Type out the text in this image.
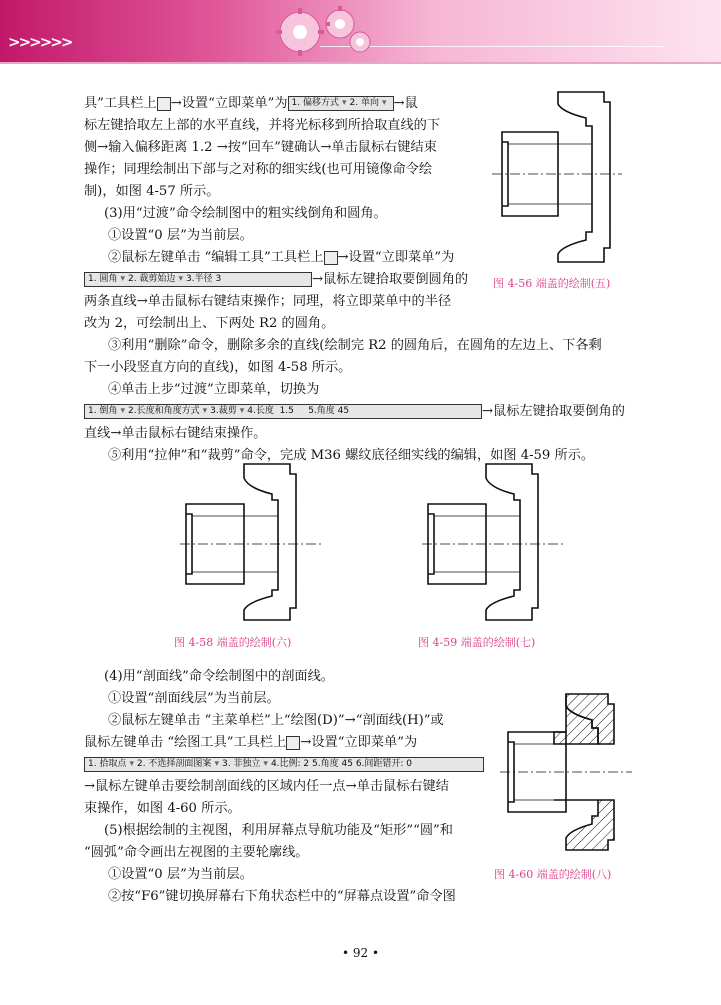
>>>>>>
具”工具栏上 →设置“立即菜单”为 1. 偏移方式 ▾ 2. 单向 ▾ →鼠
标左键拾取左上部的水平直线，并将光标移到所拾取直线的下
侧→输入偏移距离 1.2 →按“回车”键确认→单击鼠标右键结束
操作；同理绘制出下部与之对称的细实线(也可用镜像命令绘
制)，如图 4-57 所示。
(3)用“过渡”命令绘制图中的粗实线倒角和圆角。
①设置“0 层”为当前层。
②鼠标左键单击 “编辑工具”工具栏上 →设置“立即菜单”为
1. 圆角 ▾ 2. 裁剪始边 ▾ 3.半径 3	→鼠标左键拾取要倒圆角的
两条直线→单击鼠标右键结束操作；同理，将立即菜单中的半径
改为 2，可绘制出上、下两处 R2 的圆角。
③利用“删除”命令，删除多余的直线(绘制完 R2 的圆角后，在圆角的左边上、下各剩
下一小段竖直方向的直线)，如图 4-58 所示。
④单击上步“过渡”立即菜单，切换为
1. 倒角 ▾ 2.长度和角度方式 ▾ 3.裁剪 ▾ 4.长度 1.5 5.角度 45	→鼠标左键拾取要倒角的
直线→单击鼠标右键结束操作。
⑤利用“拉伸”和“裁剪”命令，完成 M36 螺纹底径细实线的编辑，如图 4-59 所示。
图 4-56 端盖的绘制(五)
图 4-58 端盖的绘制(六)	图 4-59 端盖的绘制(七)
(4)用“剖面线”命令绘制图中的剖面线。
①设置“剖面线层”为当前层。
②鼠标左键单击 “主菜单栏”上“绘图(D)”→“剖面线(H)”或
鼠标左键单击 “绘图工具”工具栏上 →设置“立即菜单”为
1. 拾取点 ▾ 2. 不选择剖面图案 ▾ 3. 非独立 ▾ 4.比例: 2 5.角度 45 6.间距错开: 0
→鼠标左键单击要绘制剖面线的区域内任一点→单击鼠标右键结
束操作，如图 4-60 所示。
(5)根据绘制的主视图，利用屏幕点导航功能及“矩形”“圆”和
“圆弧”命令画出左视图的主要轮廓线。
①设置“0 层”为当前层。
②按“F6”键切换屏幕右下角状态栏中的“屏幕点设置”命令图
图 4-60 端盖的绘制(八)
• 92 •
